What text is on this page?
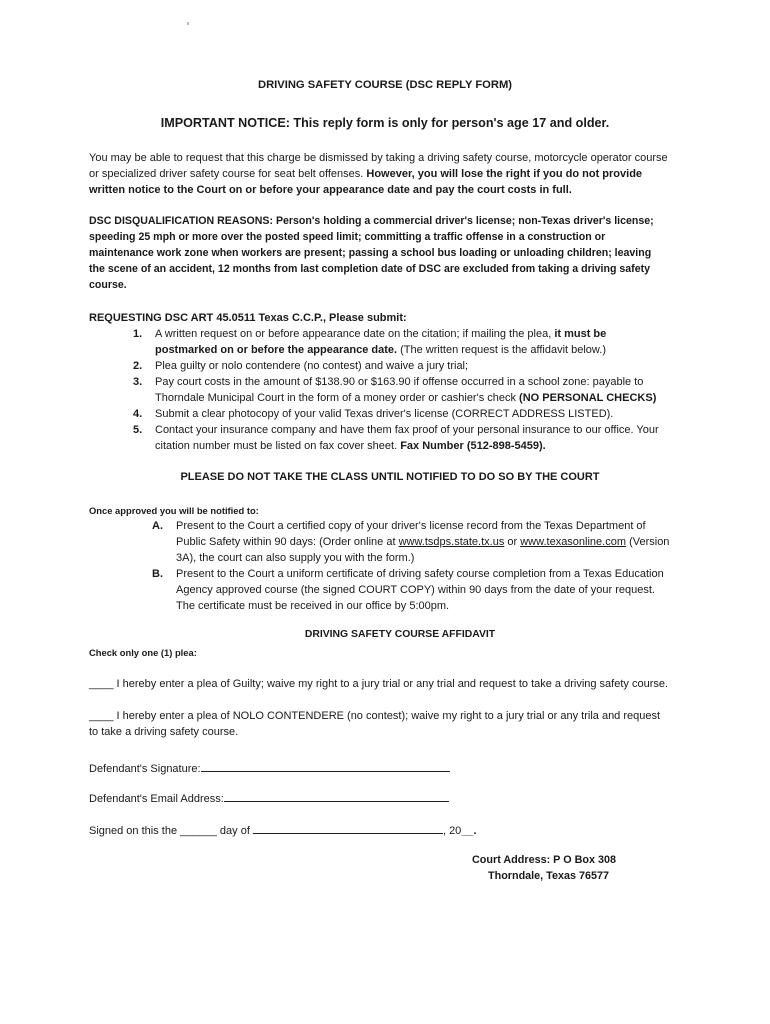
DRIVING SAFETY COURSE (DSC REPLY FORM)
IMPORTANT NOTICE: This reply form is only for person's age 17 and older.
You may be able to request that this charge be dismissed by taking a driving safety course, motorcycle operator course or specialized driver safety course for seat belt offenses. However, you will lose the right if you do not provide written notice to the Court on or before your appearance date and pay the court costs in full.
DSC DISQUALIFICATION REASONS: Person's holding a commercial driver's license; non-Texas driver's license; speeding 25 mph or more over the posted speed limit; committing a traffic offense in a construction or maintenance work zone when workers are present; passing a school bus loading or unloading children; leaving the scene of an accident, 12 months from last completion date of DSC are excluded from taking a driving safety course.
REQUESTING DSC ART 45.0511 Texas C.C.P., Please submit:
1. A written request on or before appearance date on the citation; if mailing the plea, it must be postmarked on or before the appearance date. (The written request is the affidavit below.)
2. Plea guilty or nolo contendere (no contest) and waive a jury trial;
3. Pay court costs in the amount of $138.90 or $163.90 if offense occurred in a school zone: payable to Thorndale Municipal Court in the form of a money order or cashier's check (NO PERSONAL CHECKS)
4. Submit a clear photocopy of your valid Texas driver's license (CORRECT ADDRESS LISTED).
5. Contact your insurance company and have them fax proof of your personal insurance to our office. Your citation number must be listed on fax cover sheet. Fax Number (512-898-5459).
PLEASE DO NOT TAKE THE CLASS UNTIL NOTIFIED TO DO SO BY THE COURT
Once approved you will be notified to:
A.	Present to the Court a certified copy of your driver's license record from the Texas Department of Public Safety within 90 days: (Order online at www.tsdps.state.tx.us or www.texasonline.com (Version 3A), the court can also supply you with the form.)
B.	Present to the Court a uniform certificate of driving safety course completion from a Texas Education Agency approved course (the signed COURT COPY) within 90 days from the date of your request. The certificate must be received in our office by 5:00pm.
DRIVING SAFETY COURSE AFFIDAVIT
Check only one (1) plea:
____ I hereby enter a plea of Guilty; waive my right to a jury trial or any trial and request to take a driving safety course.
____ I hereby enter a plea of NOLO CONTENDERE (no contest); waive my right to a jury trial or any trila and request to take a driving safety course.
Defendant's Signature:
Defendant's Email Address:
Signed on this the ______ day of	, 20__.
Court Address: P O Box 308
Thorndale, Texas 76577
